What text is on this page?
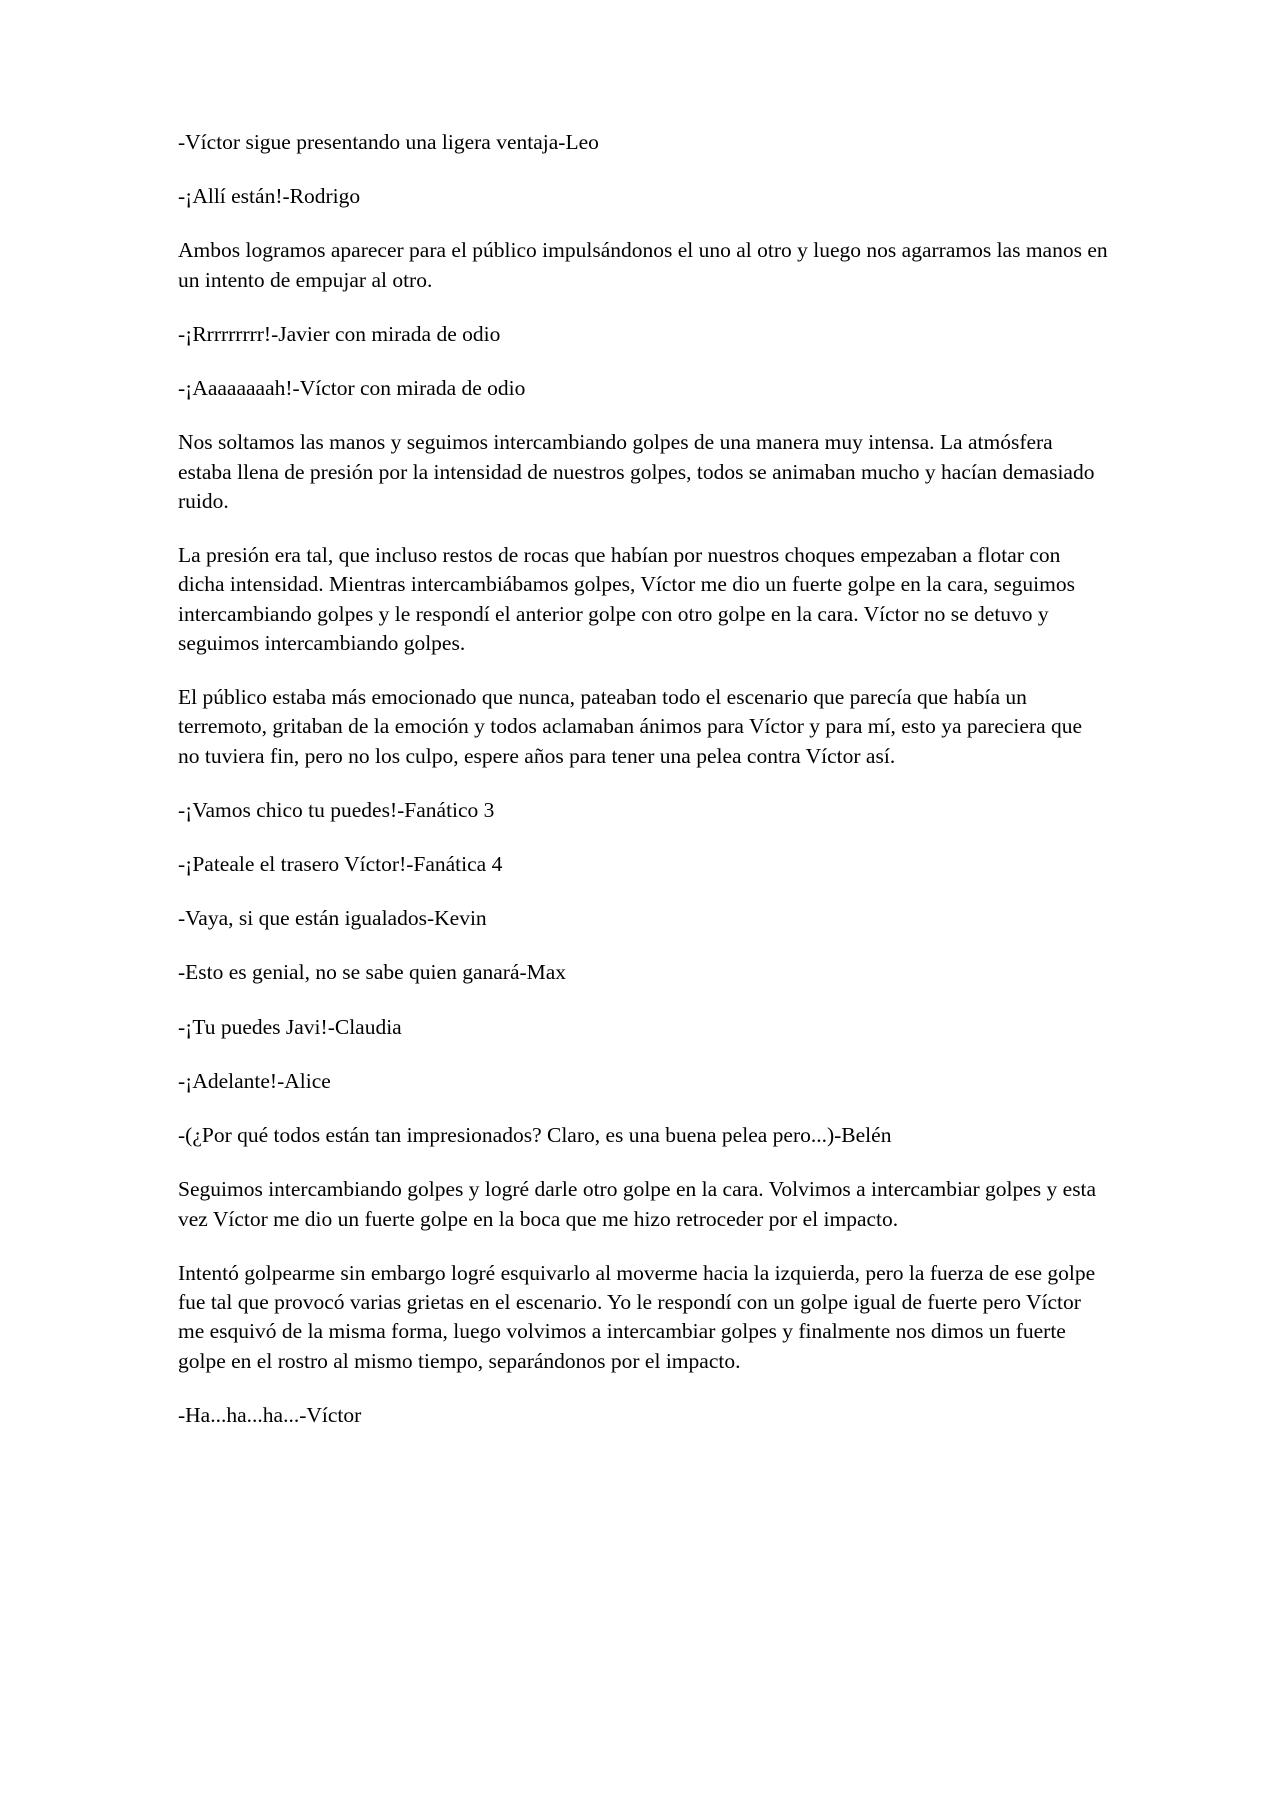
-Víctor sigue presentando una ligera ventaja-Leo

-¡Allí están!-Rodrigo

Ambos logramos aparecer para el público impulsándonos el uno al otro y luego nos agarramos las manos en un intento de empujar al otro.

-¡Rrrrrrrrr!-Javier con mirada de odio

-¡Aaaaaaaah!-Víctor con mirada de odio

Nos soltamos las manos y seguimos intercambiando golpes de una manera muy intensa. La atmósfera estaba llena de presión por la intensidad de nuestros golpes, todos se animaban mucho y hacían demasiado ruido.

La presión era tal, que incluso restos de rocas que habían por nuestros choques empezaban a flotar con dicha intensidad. Mientras intercambiábamos golpes, Víctor me dio un fuerte golpe en la cara, seguimos intercambiando golpes y le respondí el anterior golpe con otro golpe en la cara. Víctor no se detuvo y seguimos intercambiando golpes.

El público estaba más emocionado que nunca, pateaban todo el escenario que parecía que había un terremoto, gritaban de la emoción y todos aclamaban ánimos para Víctor y para mí, esto ya pareciera que no tuviera fin, pero no los culpo, espere años para tener una pelea contra Víctor así.

-¡Vamos chico tu puedes!-Fanático 3

-¡Pateale el trasero Víctor!-Fanática 4

-Vaya, si que están igualados-Kevin

-Esto es genial, no se sabe quien ganará-Max

-¡Tu puedes Javi!-Claudia

-¡Adelante!-Alice

-(¿Por qué todos están tan impresionados? Claro, es una buena pelea pero...)-Belén

Seguimos intercambiando golpes y logré darle otro golpe en la cara. Volvimos a intercambiar golpes y esta vez Víctor me dio un fuerte golpe en la boca que me hizo retroceder por el impacto.

Intentó golpearme sin embargo logré esquivarlo al moverme hacia la izquierda, pero la fuerza de ese golpe fue tal que provocó varias grietas en el escenario. Yo le respondí con un golpe igual de fuerte pero Víctor me esquivó de la misma forma, luego volvimos a intercambiar golpes y finalmente nos dimos un fuerte golpe en el rostro al mismo tiempo, separándonos por el impacto.

-Ha...ha...ha...-Víctor
